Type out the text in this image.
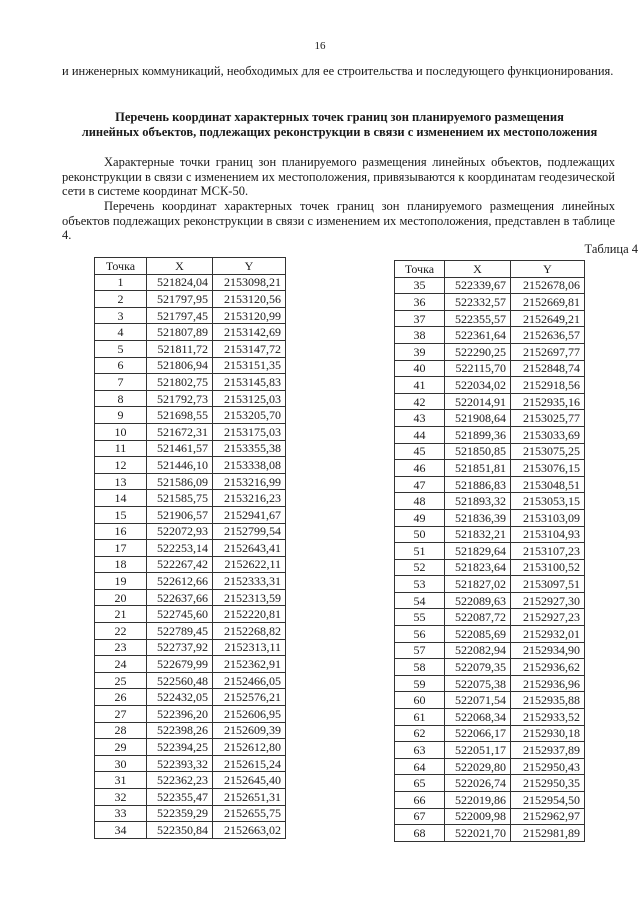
16
и инженерных коммуникаций, необходимых для ее строительства и последующего функционирования.
Перечень координат характерных точек границ зон планируемого размещения
линейных объектов, подлежащих реконструкции в связи с изменением их местоположения
Характерные точки границ зон планируемого размещения линейных объектов, подлежащих реконструкции в связи с изменением их местоположения, привязываются к координатам геодезической сети в системе координат МСК-50.
Перечень координат характерных точек границ зон планируемого размещения линейных объектов подлежащих реконструкции в связи с изменением их местоположения, представлен в таблице 4.
Таблица 4
Точка	X	Y
1	521824,04	2153098,21
2	521797,95	2153120,56
3	521797,45	2153120,99
4	521807,89	2153142,69
5	521811,72	2153147,72
6	521806,94	2153151,35
7	521802,75	2153145,83
8	521792,73	2153125,03
9	521698,55	2153205,70
10	521672,31	2153175,03
11	521461,57	2153355,38
12	521446,10	2153338,08
13	521586,09	2153216,99
14	521585,75	2153216,23
15	521906,57	2152941,67
16	522072,93	2152799,54
17	522253,14	2152643,41
18	522267,42	2152622,11
19	522612,66	2152333,31
20	522637,66	2152313,59
21	522745,60	2152220,81
22	522789,45	2152268,82
23	522737,92	2152313,11
24	522679,99	2152362,91
25	522560,48	2152466,05
26	522432,05	2152576,21
27	522396,20	2152606,95
28	522398,26	2152609,39
29	522394,25	2152612,80
30	522393,32	2152615,24
31	522362,23	2152645,40
32	522355,47	2152651,31
33	522359,29	2152655,75
34	522350,84	2152663,02
Точка	X	Y
35	522339,67	2152678,06
36	522332,57	2152669,81
37	522355,57	2152649,21
38	522361,64	2152636,57
39	522290,25	2152697,77
40	522115,70	2152848,74
41	522034,02	2152918,56
42	522014,91	2152935,16
43	521908,64	2153025,77
44	521899,36	2153033,69
45	521850,85	2153075,25
46	521851,81	2153076,15
47	521886,83	2153048,51
48	521893,32	2153053,15
49	521836,39	2153103,09
50	521832,21	2153104,93
51	521829,64	2153107,23
52	521823,64	2153100,52
53	521827,02	2153097,51
54	522089,63	2152927,30
55	522087,72	2152927,23
56	522085,69	2152932,01
57	522082,94	2152934,90
58	522079,35	2152936,62
59	522075,38	2152936,96
60	522071,54	2152935,88
61	522068,34	2152933,52
62	522066,17	2152930,18
63	522051,17	2152937,89
64	522029,80	2152950,43
65	522026,74	2152950,35
66	522019,86	2152954,50
67	522009,98	2152962,97
68	522021,70	2152981,89
